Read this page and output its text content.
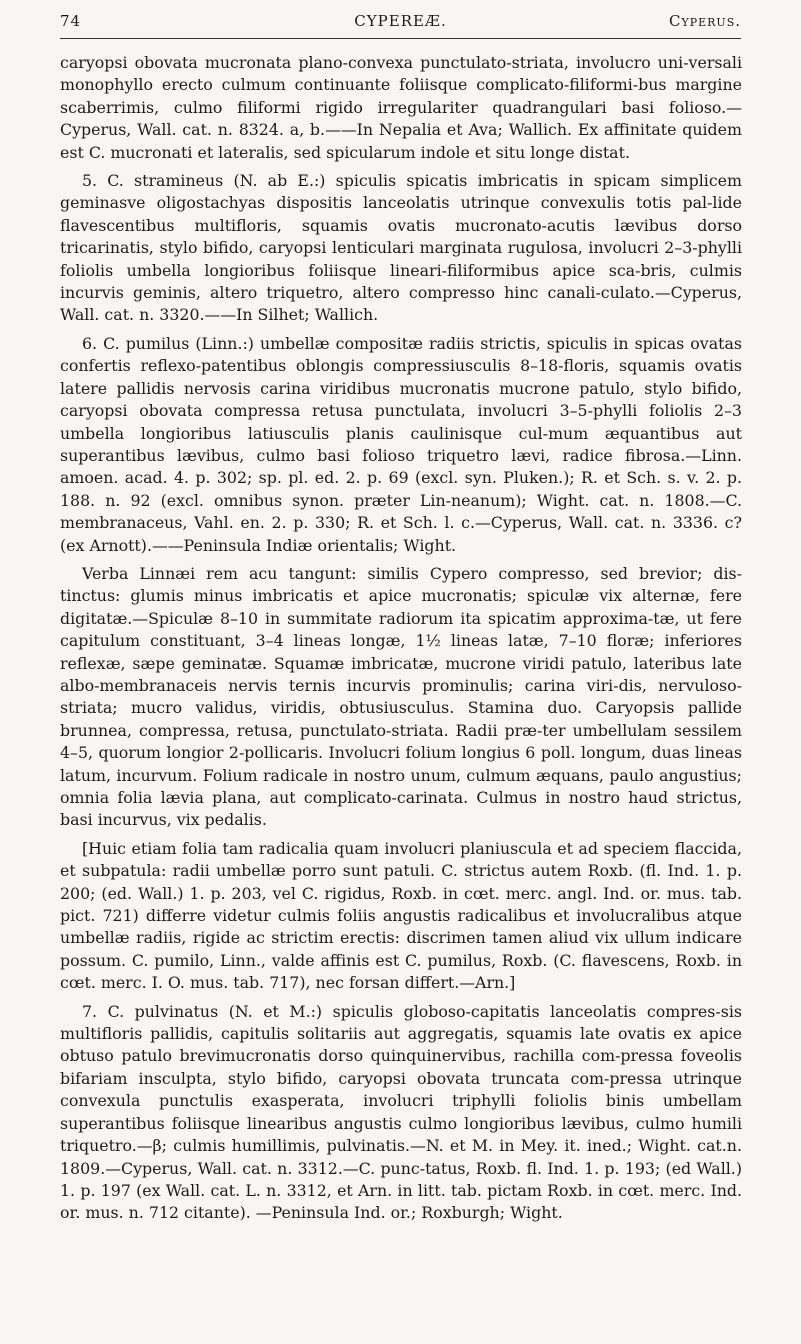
74	CYPEREÆ.	Cyperus.

caryopsi obovata mucronata plano-convexa punctulato-striata, involucro uni-versali monophyllo erecto culmum continuante foliisque complicato-filiformi-bus margine scaberrimis, culmo filiformi rigido irregulariter quadrangulari basi folioso.—Cyperus, Wall. cat. n. 8324. a, b.——In Nepalia et Ava; Wallich. Ex affinitate quidem est C. mucronati et lateralis, sed spicularum indole et situ longe distat.

5. C. stramineus (N. ab E.:) spiculis spicatis imbricatis in spicam simplicem geminasve oligostachyas dispositis lanceolatis utrinque convexulis totis pal-lide flavescentibus multifloris, squamis ovatis mucronato-acutis lævibus dorso tricarinatis, stylo bifido, caryopsi lenticulari marginata rugulosa, involucri 2–3-phylli foliolis umbella longioribus foliisque lineari-filiformibus apice sca-bris, culmis incurvis geminis, altero triquetro, altero compresso hinc canali-culato.—Cyperus, Wall. cat. n. 3320.——In Silhet; Wallich.

6. C. pumilus (Linn.:) umbellæ compositæ radiis strictis, spiculis in spicas ovatas confertis reflexo-patentibus oblongis compressiusculis 8–18-floris, squamis ovatis latere pallidis nervosis carina viridibus mucronatis mucrone patulo, stylo bifido, caryopsi obovata compressa retusa punctulata, involucri 3–5-phylli foliolis 2–3 umbella longioribus latiusculis planis caulinisque cul-mum æquantibus aut superantibus lævibus, culmo basi folioso triquetro lævi, radice fibrosa.—Linn. amoen. acad. 4. p. 302; sp. pl. ed. 2. p. 69 (excl. syn. Pluken.); R. et Sch. s. v. 2. p. 188. n. 92 (excl. omnibus synon. præter Lin-neanum); Wight. cat. n. 1808.—C. membranaceus, Vahl. en. 2. p. 330; R. et Sch. l. c.—Cyperus, Wall. cat. n. 3336. c? (ex Arnott).——Peninsula Indiæ orientalis; Wight.

Verba Linnæi rem acu tangunt: similis Cypero compresso, sed brevior; dis-tinctus: glumis minus imbricatis et apice mucronatis; spiculæ vix alternæ, fere digitatæ.—Spiculæ 8–10 in summitate radiorum ita spicatim approxima-tæ, ut fere capitulum constituant, 3–4 lineas longæ, 1½ lineas latæ, 7–10 floræ; inferiores reflexæ, sæpe geminatæ. Squamæ imbricatæ, mucrone viridi patulo, lateribus late albo-membranaceis nervis ternis incurvis prominulis; carina viri-dis, nervuloso-striata; mucro validus, viridis, obtusiusculus. Stamina duo. Caryopsis pallide brunnea, compressa, retusa, punctulato-striata. Radii præ-ter umbellulam sessilem 4–5, quorum longior 2-pollicaris. Involucri folium longius 6 poll. longum, duas lineas latum, incurvum. Folium radicale in nostro unum, culmum æquans, paulo angustius; omnia folia lævia plana, aut complicato-carinata. Culmus in nostro haud strictus, basi incurvus, vix pedalis.

[Huic etiam folia tam radicalia quam involucri planiuscula et ad speciem flaccida, et subpatula: radii umbellæ porro sunt patuli. C. strictus autem Roxb. (fl. Ind. 1. p. 200; (ed. Wall.) 1. p. 203, vel C. rigidus, Roxb. in cœt. merc. angl. Ind. or. mus. tab. pict. 721) differre videtur culmis foliis angustis radicalibus et involucralibus atque umbellæ radiis, rigide ac strictim erectis: discrimen tamen aliud vix ullum indicare possum. C. pumilo, Linn., valde affinis est C. pumilus, Roxb. (C. flavescens, Roxb. in cœt. merc. I. O. mus. tab. 717), nec forsan differt.—Arn.]

7. C. pulvinatus (N. et M.:) spiculis globoso-capitatis lanceolatis compres-sis multifloris pallidis, capitulis solitariis aut aggregatis, squamis late ovatis ex apice obtuso patulo brevimucronatis dorso quinquinervibus, rachilla com-pressa foveolis bifariam insculpta, stylo bifido, caryopsi obovata truncata com-pressa utrinque convexula punctulis exasperata, involucri triphylli foliolis binis umbellam superantibus foliisque linearibus angustis culmo longioribus lævibus, culmo humili triquetro.—β; culmis humillimis, pulvinatis.—N. et M. in Mey. it. ined.; Wight. cat.n. 1809.—Cyperus, Wall. cat. n. 3312.—C. punc-tatus, Roxb. fl. Ind. 1. p. 193; (ed Wall.) 1. p. 197 (ex Wall. cat. L. n. 3312, et Arn. in litt. tab. pictam Roxb. in cœt. merc. Ind. or. mus. n. 712 citante). —Peninsula Ind. or.; Roxburgh; Wight.
